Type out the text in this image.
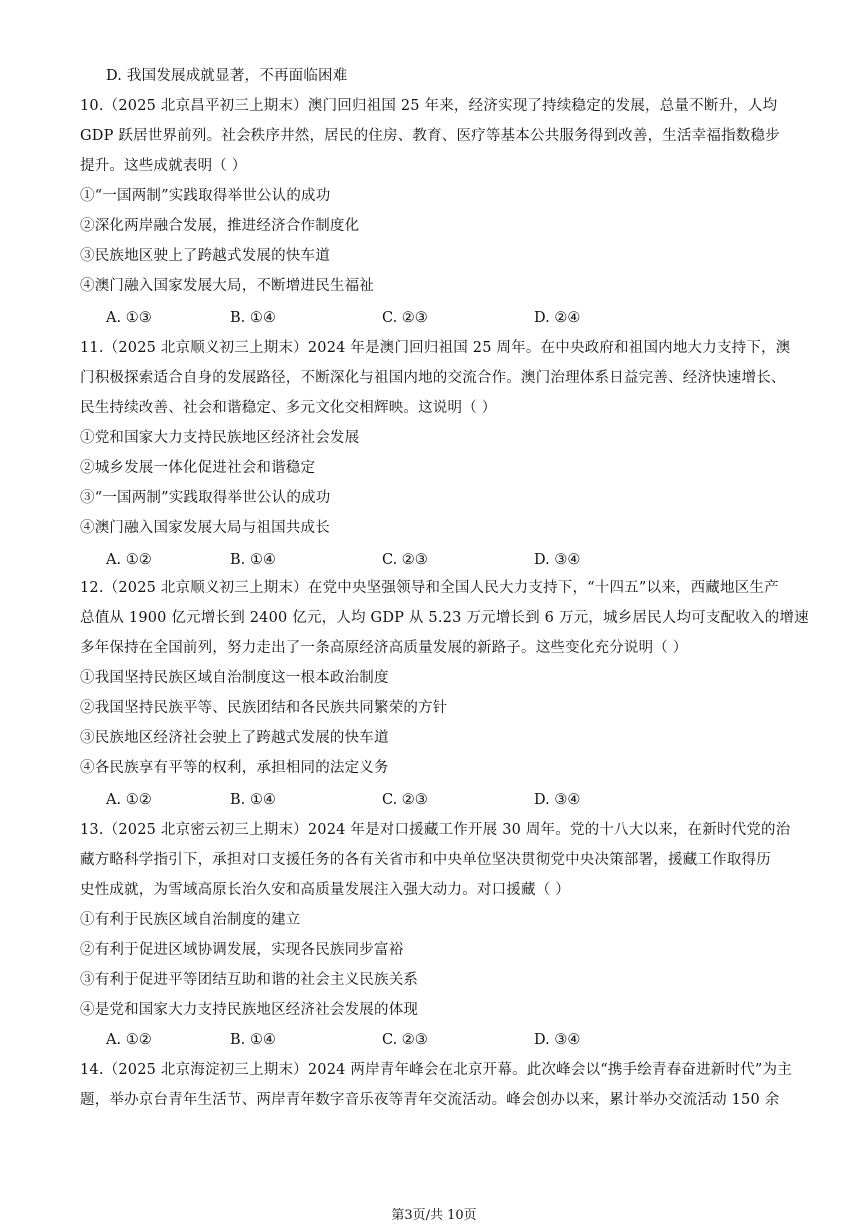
D. 我国发展成就显著，不再面临困难
10.（2025 北京昌平初三上期末）澳门回归祖国 25 年来，经济实现了持续稳定的发展，总量不断升，人均
GDP 跃居世界前列。社会秩序井然，居民的住房、教育、医疗等基本公共服务得到改善，生活幸福指数稳步
提升。这些成就表明（ ）
①“一国两制”实践取得举世公认的成功
②深化两岸融合发展，推进经济合作制度化
③民族地区驶上了跨越式发展的快车道
④澳门融入国家发展大局，不断增进民生福祉
A. ①③	B. ①④	C. ②③	D. ②④
11.（2025 北京顺义初三上期末）2024 年是澳门回归祖国 25 周年。在中央政府和祖国内地大力支持下，澳
门积极探索适合自身的发展路径，不断深化与祖国内地的交流合作。澳门治理体系日益完善、经济快速增长、
民生持续改善、社会和谐稳定、多元文化交相辉映。这说明（ ）
①党和国家大力支持民族地区经济社会发展
②城乡发展一体化促进社会和谐稳定
③“一国两制”实践取得举世公认的成功
④澳门融入国家发展大局与祖国共成长
A. ①②	B. ①④	C. ②③	D. ③④
12.（2025 北京顺义初三上期末）在党中央坚强领导和全国人民大力支持下，“十四五”以来，西藏地区生产
总值从 1900 亿元增长到 2400 亿元，人均 GDP 从 5.23 万元增长到 6 万元，城乡居民人均可支配收入的增速
多年保持在全国前列，努力走出了一条高原经济高质量发展的新路子。这些变化充分说明（ ）
①我国坚持民族区域自治制度这一根本政治制度
②我国坚持民族平等、民族团结和各民族共同繁荣的方针
③民族地区经济社会驶上了跨越式发展的快车道
④各民族享有平等的权利，承担相同的法定义务
A. ①②	B. ①④	C. ②③	D. ③④
13.（2025 北京密云初三上期末）2024 年是对口援藏工作开展 30 周年。党的十八大以来，在新时代党的治
藏方略科学指引下，承担对口支援任务的各有关省市和中央单位坚决贯彻党中央决策部署，援藏工作取得历
史性成就，为雪域高原长治久安和高质量发展注入强大动力。对口援藏（ ）
①有利于民族区域自治制度的建立
②有利于促进区域协调发展，实现各民族同步富裕
③有利于促进平等团结互助和谐的社会主义民族关系
④是党和国家大力支持民族地区经济社会发展的体现
A. ①②	B. ①④	C. ②③	D. ③④
14.（2025 北京海淀初三上期末）2024 两岸青年峰会在北京开幕。此次峰会以“携手绘青春奋进新时代”为主
题，举办京台青年生活节、两岸青年数字音乐夜等青年交流活动。峰会创办以来，累计举办交流活动 150 余
第3页/共 10页
